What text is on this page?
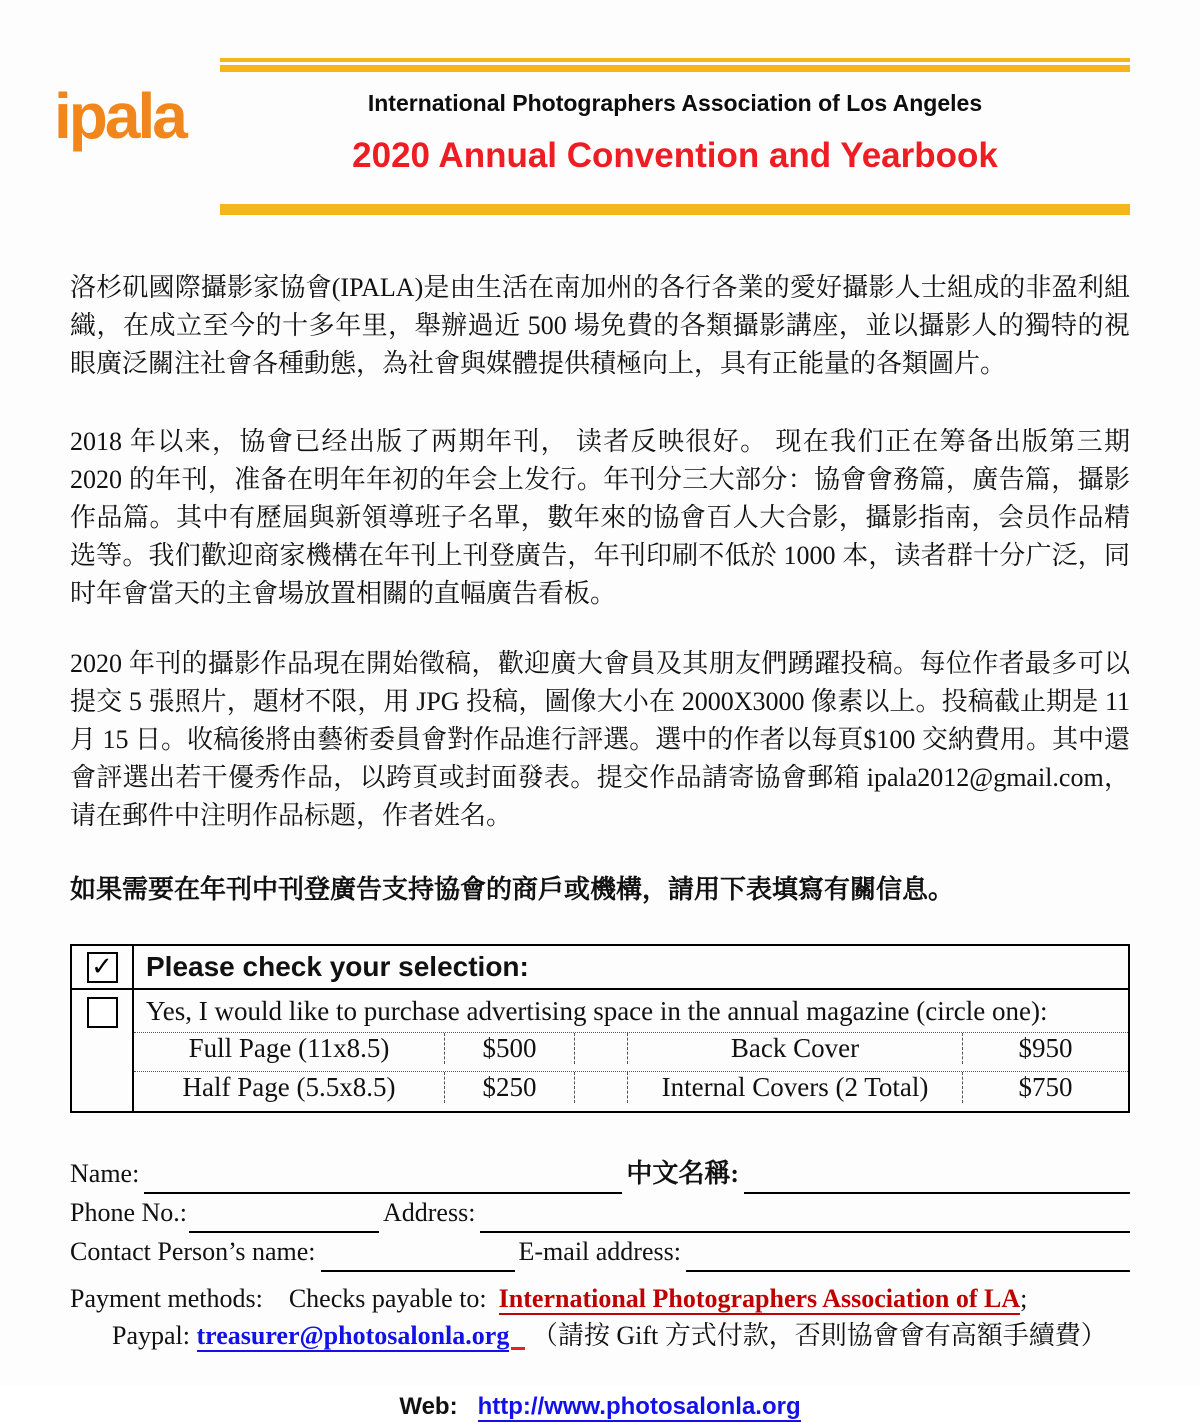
ipala	International Photographers Association of Los Angeles
2020 Annual Convention and Yearbook

洛杉矶國際攝影家協會(IPALA)是由生活在南加州的各行各業的愛好攝影人士組成的非盈利組織，在成立至今的十多年里，舉辦過近 500 場免費的各類攝影講座，並以攝影人的獨特的視眼廣泛關注社會各種動態，為社會與媒體提供積極向上，具有正能量的各類圖片。

2018 年以来，協會已经出版了两期年刊， 读者反映很好。 现在我们正在筹备出版第三期 2020 的年刊，准备在明年年初的年会上发行。年刊分三大部分：協會會務篇，廣告篇，攝影作品篇。其中有歷屆與新領導班子名單，數年來的協會百人大合影，攝影指南，会员作品精选等。我们歡迎商家機構在年刊上刊登廣告，年刊印刷不低於 1000 本，读者群十分广泛，同时年會當天的主會場放置相關的直幅廣告看板。

2020 年刊的攝影作品現在開始徵稿，歡迎廣大會員及其朋友們踴躍投稿。每位作者最多可以提交 5 張照片，題材不限，用 JPG 投稿，圖像大小在 2000X3000 像素以上。投稿截止期是 11 月 15 日。收稿後將由藝術委員會對作品進行評選。選中的作者以每頁$100 交納費用。其中還會評選出若干優秀作品，以跨頁或封面發表。提交作品請寄協會郵箱 ipala2012@gmail.com，请在郵件中注明作品标题，作者姓名。

如果需要在年刊中刊登廣告支持協會的商戶或機構，請用下表填寫有關信息。

✓ Please check your selection:
Yes, I would like to purchase advertising space in the annual magazine (circle one):
Full Page (11x8.5)	$500	Back Cover	$950
Half Page (5.5x8.5)	$250	Internal Covers (2 Total)	$750
Name:
	中文名稱:

Phone No.:
	Address:

Contact Person’s name:
	E-mail address:

Payment methods: Checks payable to: International Photographers Association of LA;
Paypal: treasurer@photosalonla.org （請按 Gift 方式付款，否則協會會有高額手續費）
Web: http://www.photosalonla.org
